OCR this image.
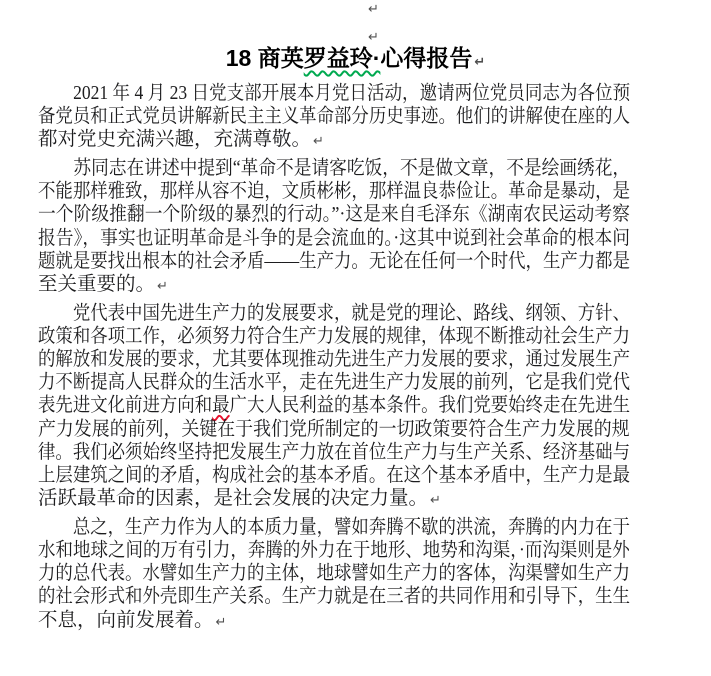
18 商英罗益玲·心得报告 ↵
2021 年 4 月 23 日党支部开展本月党日活动，邀请两位党员同志为各位预
备党员和正式党员讲解新民主主义革命部分历史事迹。他们的讲解使在座的人
都对党史充满兴趣，充满尊敬。 ↵
苏同志在讲述中提到“革命不是请客吃饭，不是做文章，不是绘画绣花，
不能那样雅致，那样从容不迫，文质彬彬，那样温良恭俭让。革命是暴动，是
一个阶级推翻一个阶级的暴烈的行动。”·这是来自毛泽东《湖南农民运动考察
报告》，事实也证明革命是斗争的是会流血的。·这其中说到社会革命的根本问
题就是要找出根本的社会矛盾——生产力。无论在任何一个时代，生产力都是
至关重要的。 ↵
党代表中国先进生产力的发展要求，就是党的理论、路线、纲领、方针、
政策和各项工作，必须努力符合生产力发展的规律，体现不断推动社会生产力
的解放和发展的要求，尤其要体现推动先进生产力发展的要求，通过发展生产
力不断提高人民群众的生活水平，走在先进生产力发展的前列，它是我们党代
表先进文化前进方向和最广大人民利益的基本条件。我们党要始终走在先进生
产力发展的前列，关键在于我们党所制定的一切政策要符合生产力发展的规
律。我们必须始终坚持把发展生产力放在首位生产力与生产关系、经济基础与
上层建筑之间的矛盾，构成社会的基本矛盾。在这个基本矛盾中，生产力是最
活跃最革命的因素，是社会发展的决定力量。 ↵
总之，生产力作为人的本质力量，譬如奔腾不歇的洪流，奔腾的内力在于
水和地球之间的万有引力，奔腾的外力在于地形、地势和沟渠，·而沟渠则是外
力的总代表。水譬如生产力的主体，地球譬如生产力的客体，沟渠譬如生产力
的社会形式和外壳即生产关系。生产力就是在三者的共同作用和引导下，生生
不息，向前发展着。 ↵
↵
↵
